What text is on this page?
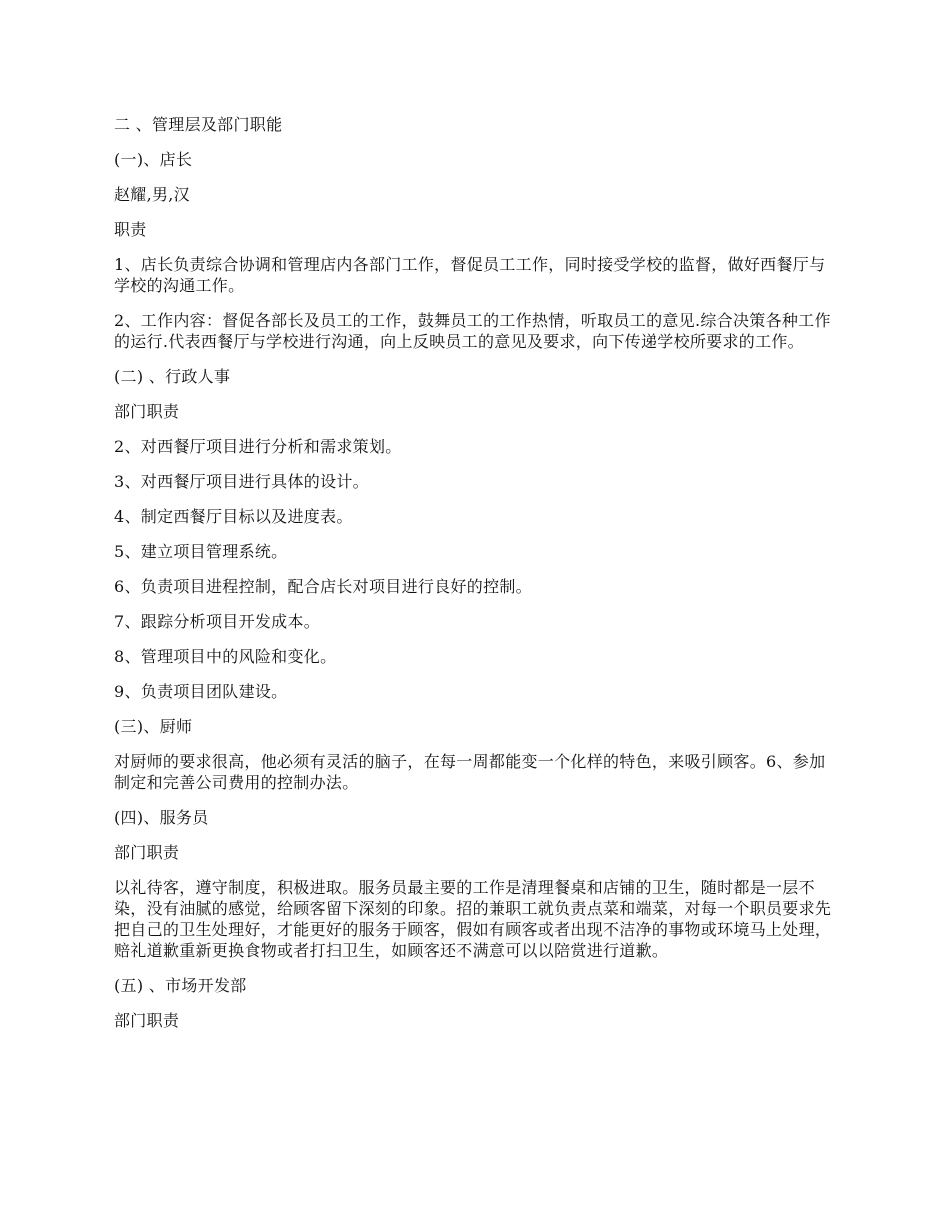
二 、管理层及部门职能

(一)、店长

赵耀,男,汉

职责

1、店长负责综合协调和管理店内各部门工作，督促员工工作，同时接受学校的监督，做好西餐厅与学校的沟通工作。

2、工作内容：督促各部长及员工的工作，鼓舞员工的工作热情，听取员工的意见.综合决策各种工作的运行.代表西餐厅与学校进行沟通，向上反映员工的意见及要求，向下传递学校所要求的工作。

(二) 、行政人事

部门职责

2、对西餐厅项目进行分析和需求策划。

3、对西餐厅项目进行具体的设计。

4、制定西餐厅目标以及进度表。

5、建立项目管理系统。

6、负责项目进程控制，配合店长对项目进行良好的控制。

7、跟踪分析项目开发成本。

8、管理项目中的风险和变化。

9、负责项目团队建设。

(三)、厨师

对厨师的要求很高，他必须有灵活的脑子，在每一周都能变一个化样的特色，来吸引顾客。6、参加制定和完善公司费用的控制办法。

(四)、服务员

部门职责

以礼待客，遵守制度，积极进取。服务员最主要的工作是清理餐桌和店铺的卫生，随时都是一层不染，没有油腻的感觉，给顾客留下深刻的印象。招的兼职工就负责点菜和端菜，对每一个职员要求先把自己的卫生处理好，才能更好的服务于顾客，假如有顾客或者出现不洁净的事物或环境马上处理，赔礼道歉重新更换食物或者打扫卫生，如顾客还不满意可以以陪赏进行道歉。

(五) 、市场开发部

部门职责
